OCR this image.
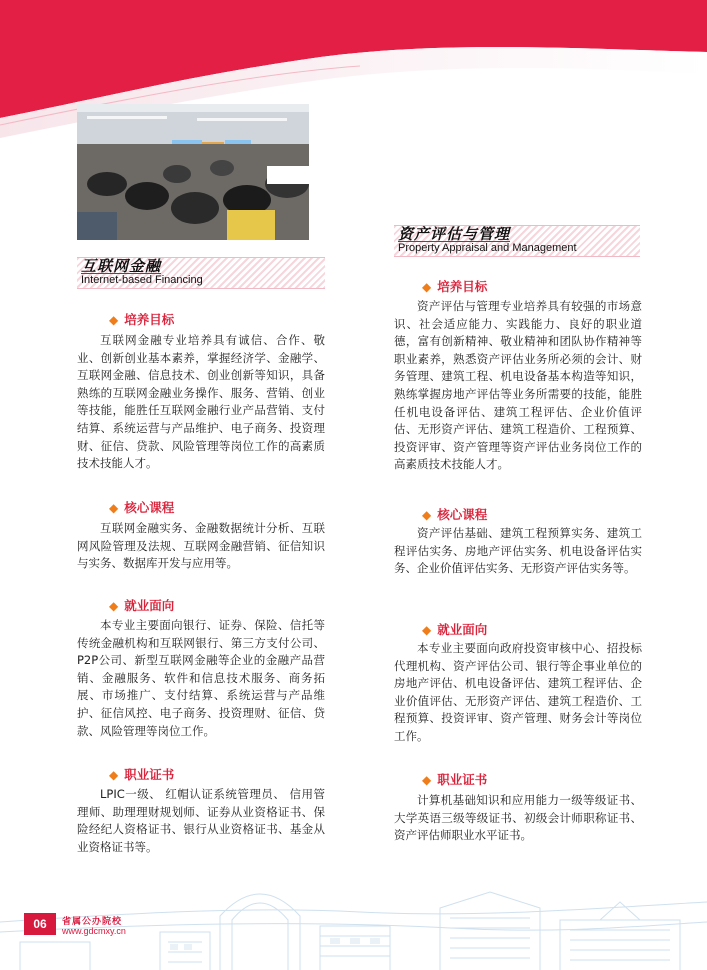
互联网金融
Internet-based Financing
◆ 培养目标

互联网金融专业培养具有诚信、合作、敬业、创新创业基本素养，掌握经济学、金融学、互联网金融、信息技术、创业创新等知识，具备熟练的互联网金融业务操作、服务、营销、创业等技能，能胜任互联网金融行业产品营销、支付结算、系统运营与产品维护、电子商务、投资理财、征信、贷款、风险管理等岗位工作的高素质技术技能人才。

◆ 核心课程

互联网金融实务、金融数据统计分析、互联网风险管理及法规、互联网金融营销、征信知识与实务、数据库开发与应用等。

◆ 就业面向

本专业主要面向银行、证券、保险、信托等传统金融机构和互联网银行、第三方支付公司、P2P公司、新型互联网金融等企业的金融产品营销、金融服务、软件和信息技术服务、商务拓展、市场推广、支付结算、系统运营与产品维护、征信风控、电子商务、投资理财、征信、贷款、风险管理等岗位工作。

◆ 职业证书

LPIC一级、 红帽认证系统管理员、 信用管理师、助理理财规划师、证券从业资格证书、保险经纪人资格证书、银行从业资格证书、基金从业资格证书等。

资产评估与管理
Property Appraisal and Management
◆ 培养目标

资产评估与管理专业培养具有较强的市场意识、社会适应能力、实践能力、良好的职业道德，富有创新精神、敬业精神和团队协作精神等职业素养，熟悉资产评估业务所必须的会计、财务管理、建筑工程、机电设备基本构造等知识，熟练掌握房地产评估等业务所需要的技能，能胜任机电设备评估、建筑工程评估、企业价值评估、无形资产评估、建筑工程造价、工程预算、投资评审、资产管理等资产评估业务岗位工作的高素质技术技能人才。

◆ 核心课程

资产评估基础、建筑工程预算实务、建筑工程评估实务、房地产评估实务、机电设备评估实务、企业价值评估实务、无形资产评估实务等。

◆ 就业面向

本专业主要面向政府投资审核中心、招投标代理机构、资产评估公司、银行等企事业单位的房地产评估、机电设备评估、建筑工程评估、企业价值评估、无形资产评估、建筑工程造价、工程预算、投资评审、资产管理、财务会计等岗位工作。

◆ 职业证书

计算机基础知识和应用能力一级等级证书、大学英语三级等级证书、初级会计师职称证书、资产评估师职业水平证书。

06	省属公办院校
www.gdcmxy.cn
